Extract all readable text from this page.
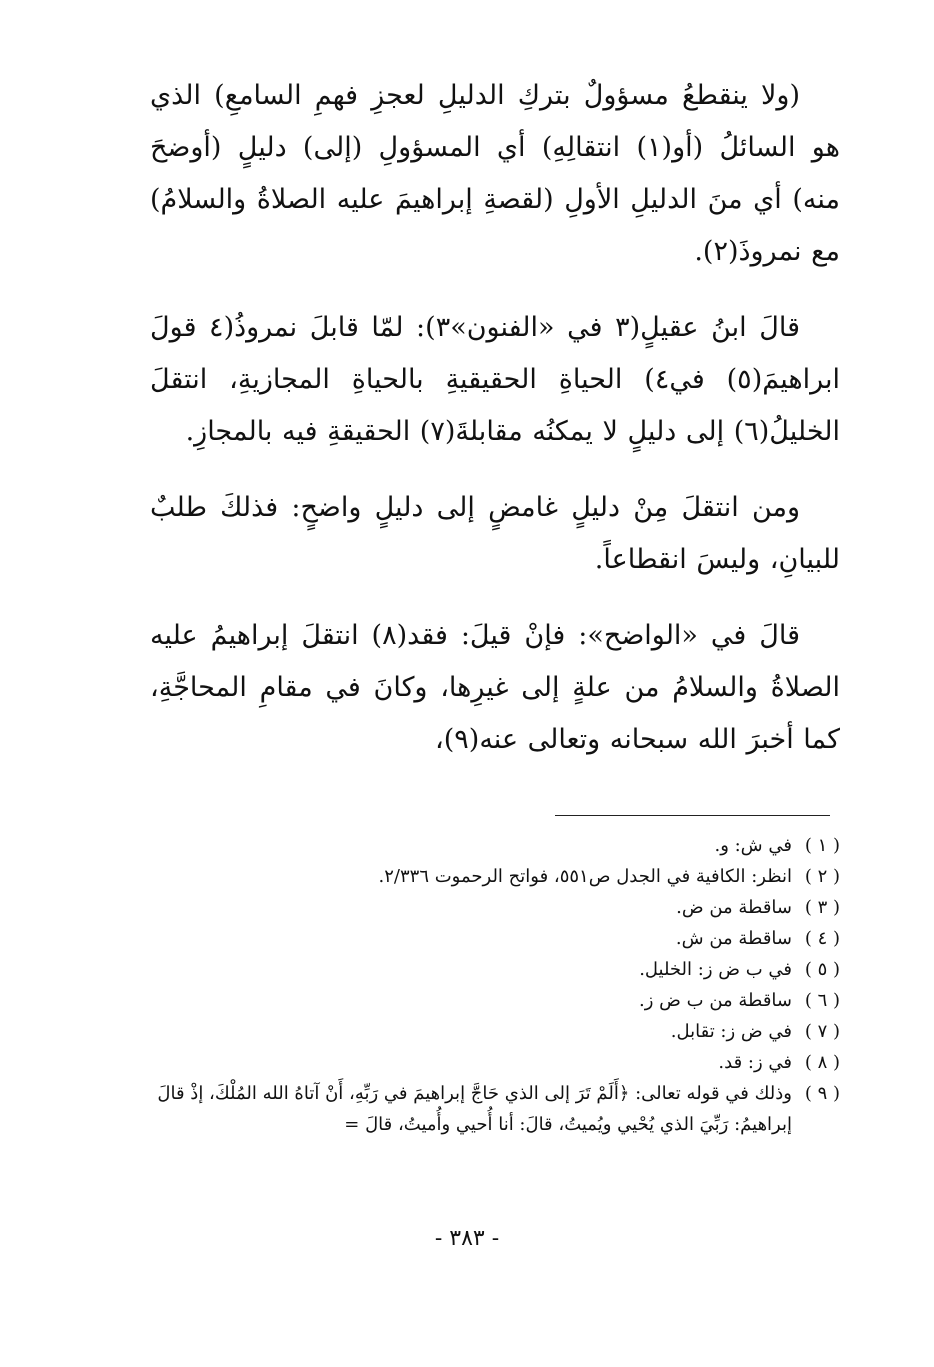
(ولا ينقطعُ مسؤولٌ بتركِ الدليلِ لعجزِ فهمِ السامعِ) الذي هو السائلُ (أو(١) انتقالِهِ) أي المسؤولِ (إلى) دليلٍ (أوضحَ منه) أي منَ الدليلِ الأولِ (لقصةِ إبراهيمَ عليه الصلاةُ والسلامُ) مع نمروذَ(٢).

قالَ ابنُ عقيلٍ(٣ في «الفنون»٣): لمّا قابلَ نمروذُ(٤ قولَ ابراهيمَ(٥) في٤) الحياةِ الحقيقيةِ بالحياةِ المجازيةِ، انتقلَ الخليلُ(٦) إلى دليلٍ لا يمكنُه مقابلةَ(٧) الحقيقةِ فيه بالمجازِ.

ومن انتقلَ مِنْ دليلٍ غامضٍ إلى دليلٍ واضحٍ: فذلكَ طلبٌ للبيانِ، وليسَ انقطاعاً.

قالَ في «الواضح»: فإنْ قيلَ: فقد(٨) انتقلَ إبراهيمُ عليه الصلاةُ والسلامُ من علةٍ إلى غيرِها، وكانَ في مقامِ المحاجَّةِ، كما أخبرَ الله سبحانه وتعالى عنه(٩)،

( ١ )
في ش: و.
( ٢ )
انظر: الكافية في الجدل ص٥٥١، فواتح الرحموت ٢/٣٣٦.
( ٣ )
ساقطة من ض.
( ٤ )
ساقطة من ش.
( ٥ )
في ب ض ز: الخليل.
( ٦ )
ساقطة من ب ض ز.
( ٧ )
في ض ز: تقابل.
( ٨ )
في ز: قد.
( ٩ )
وذلك في قوله تعالى: ﴿أَلَمْ تَرَ إلى الذي حَاجَّ إبراهيمَ في رَبِّهِ، أَنْ آتاهُ الله المُلْكَ، إذْ قالَ إبراهيمُ: رَبِّيَ الذي يُحْيي ويُميتُ، قالَ: أنا أُحيي وأُميتُ، قالَ =
- ٣٨٣ -
